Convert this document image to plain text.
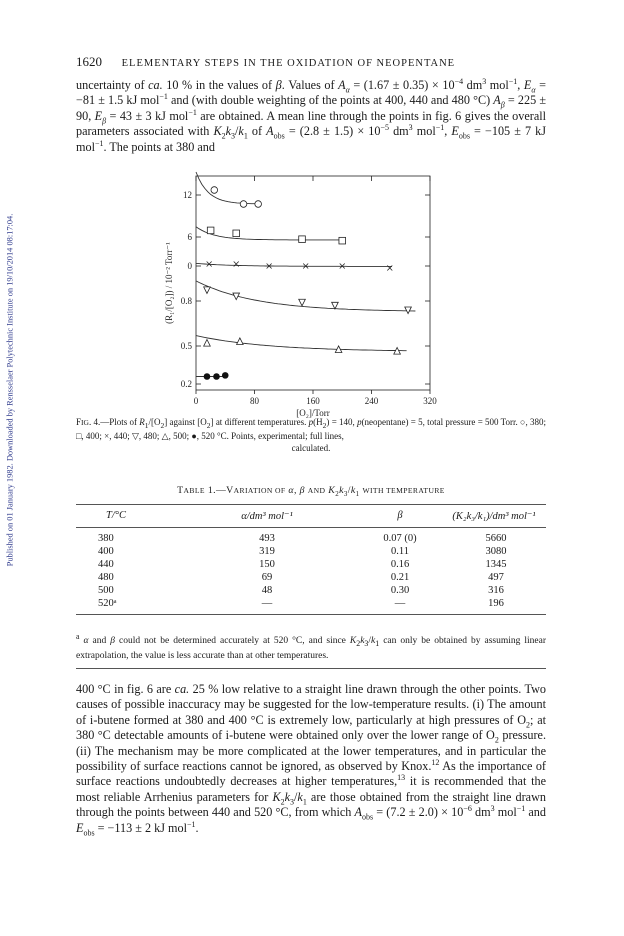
Published on 01 January 1982. Downloaded by Rensselaer Polytechnic Institute on 19/10/2014 08:17:04.
1620 ELEMENTARY STEPS IN THE OXIDATION OF NEOPENTANE

uncertainty of ca. 10 % in the values of β. Values of $A_\alpha = (1.67 \pm 0.35) \times 10^{-4}$ $dm^3$ mol$^{-1}$, $E_\alpha = -81 \pm 1.5$ kJ mol$^{-1}$ and (with double weighting of the points at 400, 440 and 480 °C) $A_\beta = 225 \pm 90$, $E_\beta = 43 \pm 3$ kJ mol$^{-1}$ are obtained. A mean line through the points in fig. 6 gives the overall parameters associated with $K_2k_3/k_1$ of $A_{obs} = (2.8 \pm 1.5) \times 10^{-5}$ $dm^3$ mol$^{-1}$, $E_{obs} = -105 \pm 7$ kJ mol$^{-1}$. The points at 380 and

0	80	160	240	320
12
6
0
0.8
0.5
0.2
[O₂]/Torr
(R₁/[O₂]) / 10⁻² Torr⁻¹
FIG. 4.—Plots of $R_1/[O_2]$ against $[O_2]$ at different temperatures. $p(H_2) = 140$, p(neopentane) = 5, total pressure = 500 Torr. ○, 380; □, 400; ×, 440; ▽, 480; △, 500; ●, 520 °C. Points, experimental; full lines,
calculated.
TABLE 1.—VARIATION OF α, β AND $K_2k_3/k_1$ WITH TEMPERATURE
T/°C	α/dm³ mol⁻¹	β	(K₂k₃/k₁)/dm³ mol⁻¹
380	493	0.07 (0)	5660
400	319	0.11	3080
440	150	0.16	1345
480	69	0.21	497
500	48	0.30	316
520ᵃ	—	—	196
$^a$ α and β could not be determined accurately at 520 °C, and since $K_2k_3/k_1$ can only be obtained by assuming linear extrapolation, the value is less accurate than at other temperatures.

400 °C in fig. 6 are ca. 25 % low relative to a straight line drawn through the other points. Two causes of possible inaccuracy may be suggested for the low-temperature results. (i) The amount of i-butene formed at 380 and 400 °C is extremely low, particularly at high pressures of $O_2$; at 380 °C detectable amounts of i-butene were obtained only over the lower range of $O_2$ pressure. (ii) The mechanism may be more complicated at the lower temperatures, and in particular the possibility of surface reactions cannot be ignored, as observed by Knox.$^{12}$ As the importance of surface reactions undoubtedly decreases at higher temperatures,$^{13}$ it is recommended that the most reliable Arrhenius parameters for $K_2k_3/k_1$ are those obtained from the straight line drawn through the points between 440 and 520 °C, from which $A_{obs} = (7.2 \pm 2.0) \times 10^{-6}$ $dm^3$ mol$^{-1}$ and $E_{obs} = -113 \pm 2$ kJ mol$^{-1}$.
